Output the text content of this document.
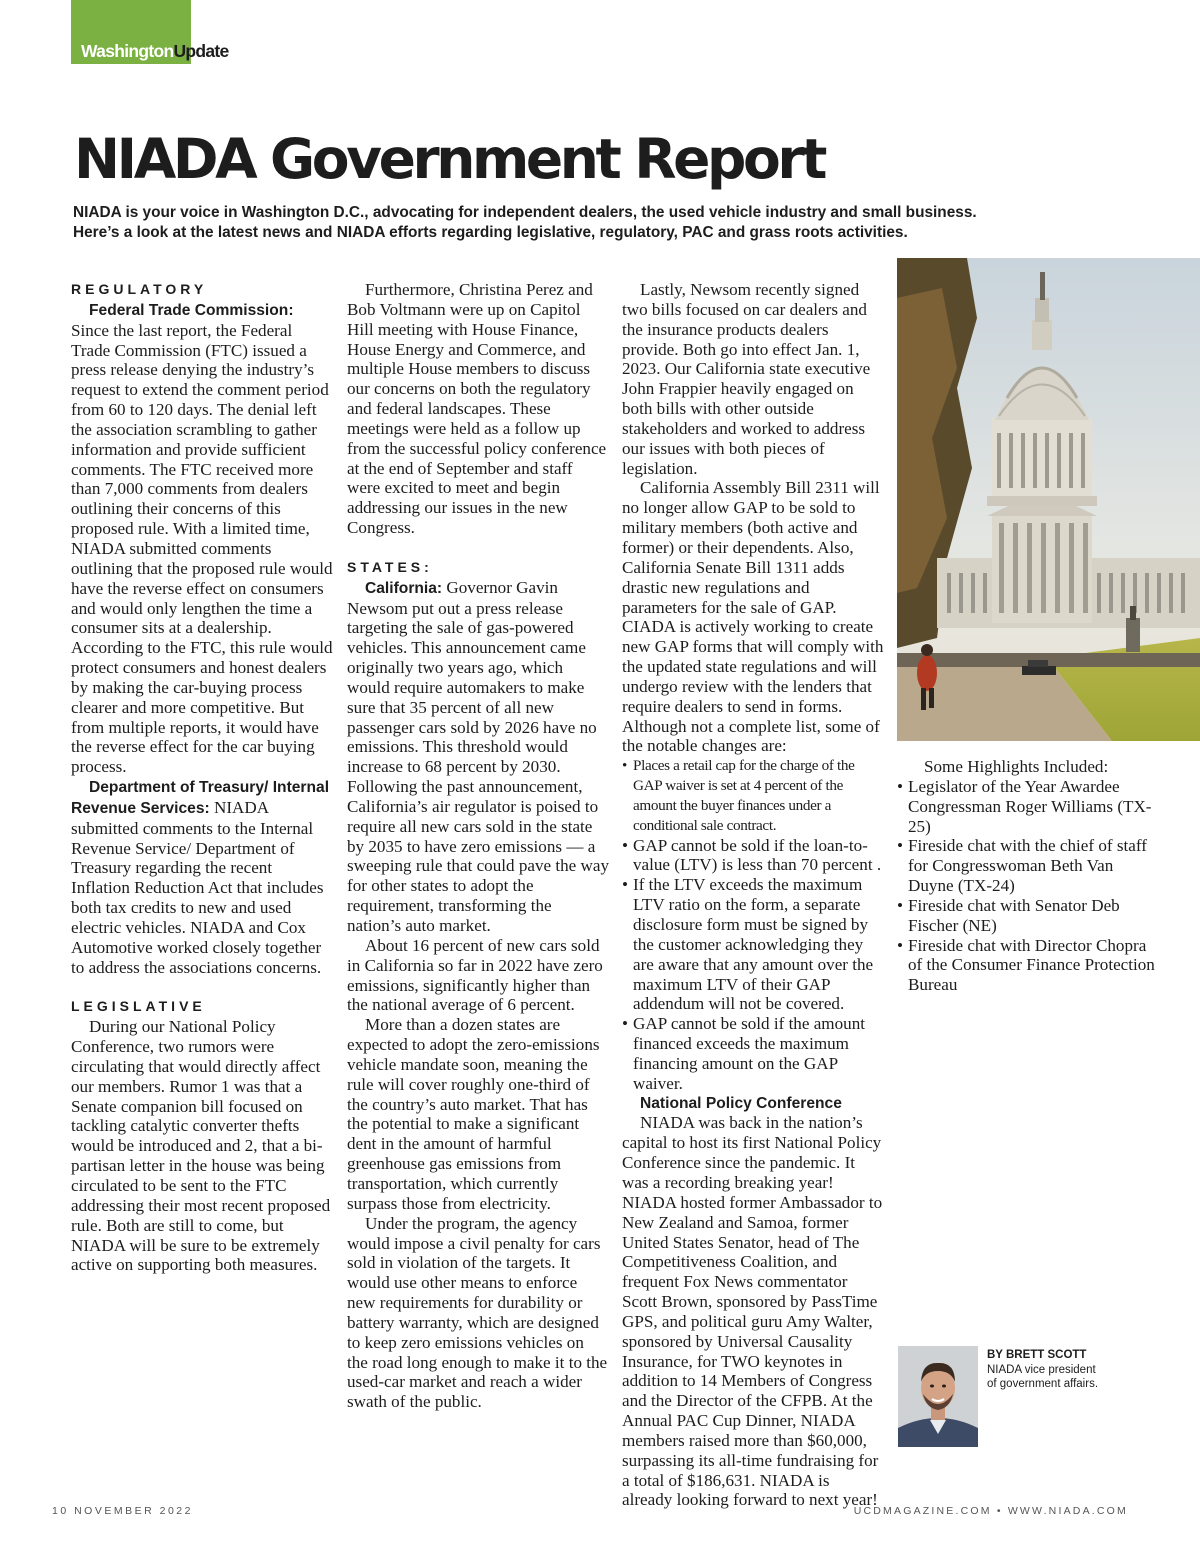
WashingtonUpdate
NIADA Government Report

NIADA is your voice in Washington D.C., advocating for independent dealers, the used vehicle industry and small business.
Here’s a look at the latest news and NIADA efforts regarding legislative, regulatory, PAC and grass roots activities.

REGULATORY

Federal Trade Commission: Since the last report, the Federal Trade Commission (FTC) issued a press release denying the industry’s request to extend the comment period from 60 to 120 days. The denial left the association scrambling to gather information and provide sufficient comments. The FTC received more than 7,000 comments from dealers outlining their concerns of this proposed rule. With a limited time, NIADA submitted comments outlining that the proposed rule would have the reverse effect on consumers and would only lengthen the time a consumer sits at a dealership. According to the FTC, this rule would protect consumers and honest dealers by making the car-buying process clearer and more competitive. But from multiple reports, it would have the reverse effect for the car buying process.

Department of Treasury/ Internal Revenue Services: NIADA submitted comments to the Internal Revenue Service/ Department of Treasury regarding the recent Inflation Reduction Act that includes both tax credits to new and used electric vehicles. NIADA and Cox Automotive worked closely together to address the associations concerns.

LEGISLATIVE

During our National Policy Conference, two rumors were circulating that would directly affect our members. Rumor 1 was that a Senate companion bill focused on tackling catalytic converter thefts would be introduced and 2, that a bi-partisan letter in the house was being circulated to be sent to the FTC addressing their most recent proposed rule. Both are still to come, but NIADA will be sure to be extremely active on supporting both measures.

Furthermore, Christina Perez and Bob Voltmann were up on Capitol Hill meeting with House Finance, House Energy and Commerce, and multiple House members to discuss our concerns on both the regulatory and federal landscapes. These meetings were held as a follow up from the successful policy conference at the end of September and staff were excited to meet and begin addressing our issues in the new Congress.

STATES:

California: Governor Gavin Newsom put out a press release targeting the sale of gas-powered vehicles. This announcement came originally two years ago, which would require automakers to make sure that 35 percent of all new passenger cars sold by 2026 have no emissions. This threshold would increase to 68 percent by 2030. Following the past announcement, California’s air regulator is poised to require all new cars sold in the state by 2035 to have zero emissions — a sweeping rule that could pave the way for other states to adopt the requirement, transforming the nation’s auto market.

About 16 percent of new cars sold in California so far in 2022 have zero emissions, significantly higher than the national average of 6 percent.

More than a dozen states are expected to adopt the zero-emissions vehicle mandate soon, meaning the rule will cover roughly one-third of the country’s auto market. That has the potential to make a significant dent in the amount of harmful greenhouse gas emissions from transportation, which currently surpass those from electricity.

Under the program, the agency would impose a civil penalty for cars sold in violation of the targets. It would use other means to enforce new requirements for durability or battery warranty, which are designed to keep zero emissions vehicles on the road long enough to make it to the used-car market and reach a wider swath of the public.

Lastly, Newsom recently signed two bills focused on car dealers and the insurance products dealers provide. Both go into effect Jan. 1, 2023. Our California state executive John Frappier heavily engaged on both bills with other outside stakeholders and worked to address our issues with both pieces of legislation.

California Assembly Bill 2311 will no longer allow GAP to be sold to military members (both active and former) or their dependents. Also, California Senate Bill 1311 adds drastic new regulations and parameters for the sale of GAP. CIADA is actively working to create new GAP forms that will comply with the updated state regulations and will undergo review with the lenders that require dealers to send in forms. Although not a complete list, some of the notable changes are:

• Places a retail cap for the charge of the GAP waiver is set at 4 percent of the amount the buyer finances under a conditional sale contract.
• GAP cannot be sold if the loan-to-value (LTV) is less than 70 percent .
• If the LTV exceeds the maximum LTV ratio on the form, a separate disclosure form must be signed by the customer acknowledging they are aware that any amount over the maximum LTV of their GAP addendum will not be covered.
• GAP cannot be sold if the amount financed exceeds the maximum financing amount on the GAP waiver.

National Policy Conference

NIADA was back in the nation’s capital to host its first National Policy Conference since the pandemic. It was a recording breaking year! NIADA hosted former Ambassador to New Zealand and Samoa, former United States Senator, head of The Competitiveness Coalition, and frequent Fox News commentator Scott Brown, sponsored by PassTime GPS, and political guru Amy Walter, sponsored by Universal Causality Insurance, for TWO keynotes in addition to 14 Members of Congress and the Director of the CFPB. At the Annual PAC Cup Dinner, NIADA members raised more than $60,000, surpassing its all-time fundraising for a total of $186,631. NIADA is already looking forward to next year!

Some Highlights Included:

• Legislator of the Year Awardee Congressman Roger Williams (TX-25)
• Fireside chat with the chief of staff for Congresswoman Beth Van Duyne (TX-24)
• Fireside chat with Senator Deb Fischer (NE)
• Fireside chat with Director Chopra of the Consumer Finance Protection Bureau
BY BRETT SCOTT
NIADA vice president
of government affairs.
10 NOVEMBER 2022	UCDMAGAZINE.COM • WWW.NIADA.COM
